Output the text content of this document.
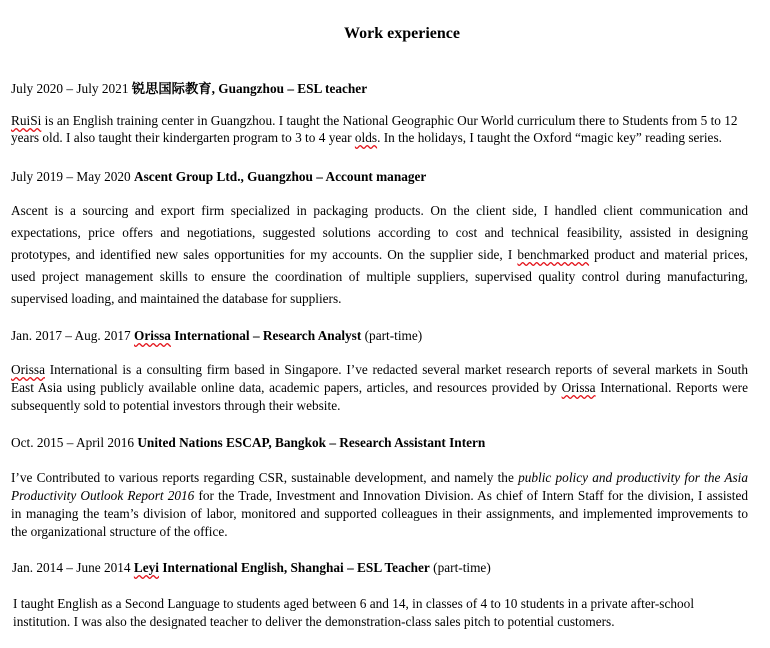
Work experience
July 2020 – July 2021 锐思国际教育, Guangzhou – ESL teacher
RuiSi is an English training center in Guangzhou. I taught the National Geographic Our World curriculum there to Students from 5 to 12
years old. I also taught their kindergarten program to 3 to 4 year olds. In the holidays, I taught the Oxford “magic key” reading series.
July 2019 – May 2020 Ascent Group Ltd., Guangzhou – Account manager
Ascent is a sourcing and export firm specialized in packaging products. On the client side, I handled client communication and
expectations, price offers and negotiations, suggested solutions according to cost and technical feasibility, assisted in designing
prototypes, and identified new sales opportunities for my accounts. On the supplier side, I benchmarked product and material prices,
used project management skills to ensure the coordination of multiple suppliers, supervised quality control during manufacturing,
supervised loading, and maintained the database for suppliers.
Jan. 2017 – Aug. 2017 Orissa International – Research Analyst (part-time)
Orissa International is a consulting firm based in Singapore. I’ve redacted several market research reports of several markets in South
East Asia using publicly available online data, academic papers, articles, and resources provided by Orissa International. Reports were
subsequently sold to potential investors through their website.
Oct. 2015 – April 2016 United Nations ESCAP, Bangkok – Research Assistant Intern
I’ve Contributed to various reports regarding CSR, sustainable development, and namely the public policy and productivity for the Asia
Productivity Outlook Report 2016 for the Trade, Investment and Innovation Division. As chief of Intern Staff for the division, I assisted
in managing the team’s division of labor, monitored and supported colleagues in their assignments, and implemented improvements to
the organizational structure of the office.
Jan. 2014 – June 2014 Leyi International English, Shanghai – ESL Teacher (part-time)
I taught English as a Second Language to students aged between 6 and 14, in classes of 4 to 10 students in a private after-school
institution. I was also the designated teacher to deliver the demonstration-class sales pitch to potential customers.
